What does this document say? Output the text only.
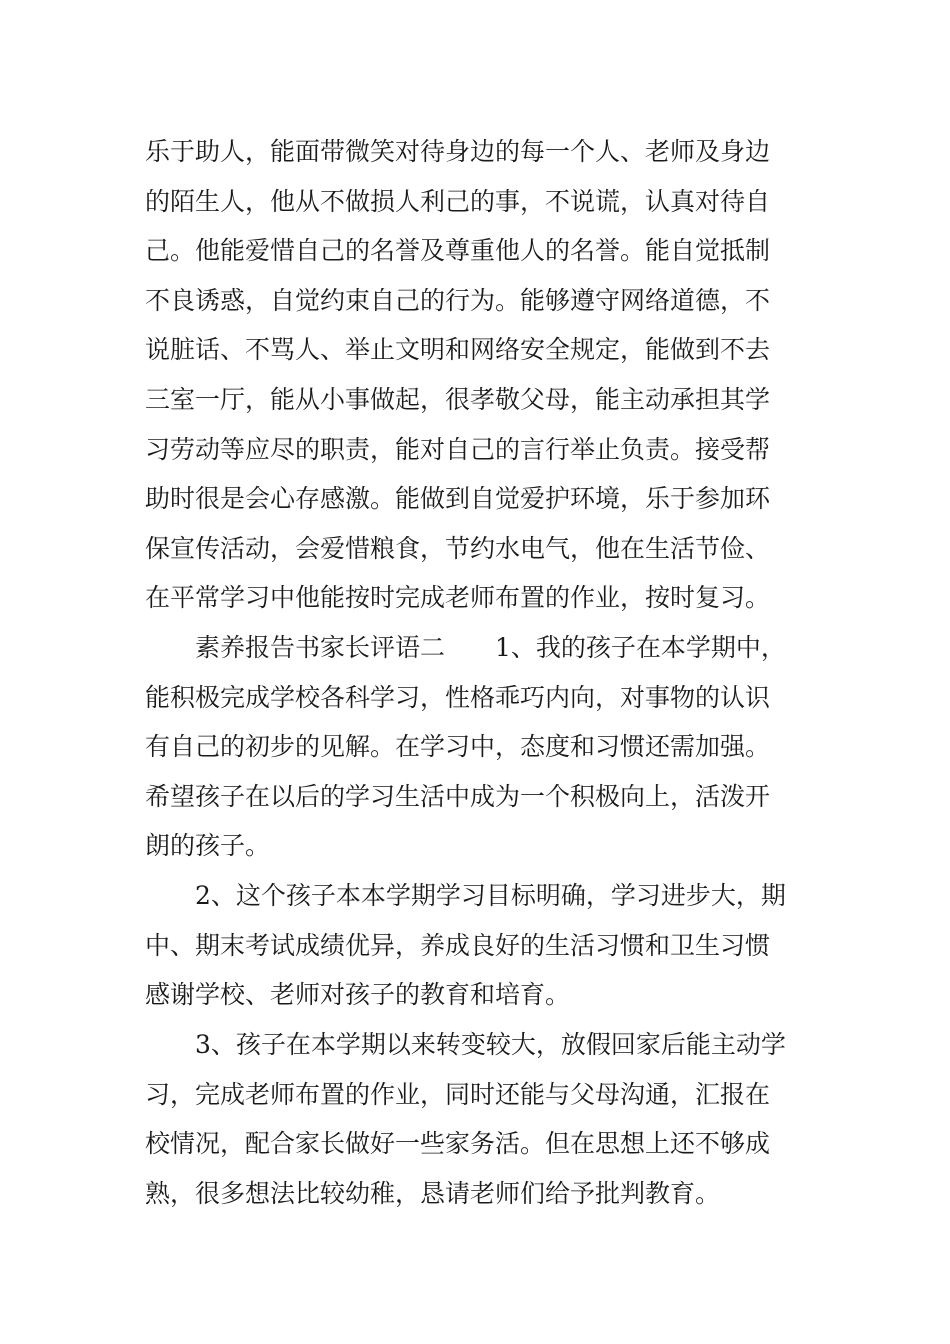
乐于助人，能面带微笑对待身边的每一个人、老师及身边
的陌生人，他从不做损人利己的事，不说谎，认真对待自
己。他能爱惜自己的名誉及尊重他人的名誉。能自觉抵制
不良诱惑，自觉约束自己的行为。能够遵守网络道德，不
说脏话、不骂人、举止文明和网络安全规定，能做到不去
三室一厅，能从小事做起，很孝敬父母，能主动承担其学
习劳动等应尽的职责，能对自己的言行举止负责。接受帮
助时很是会心存感激。能做到自觉爱护环境，乐于参加环
保宣传活动，会爱惜粮食，节约水电气，他在生活节俭、
在平常学习中他能按时完成老师布置的作业，按时复习。
　　素养报告书家长评语二　　1、我的孩子在本学期中，
能积极完成学校各科学习，性格乖巧内向，对事物的认识
有自己的初步的见解。在学习中，态度和习惯还需加强。
希望孩子在以后的学习生活中成为一个积极向上，活泼开
朗的孩子。
　　2、这个孩子本本学期学习目标明确，学习进步大，期
中、期末考试成绩优异，养成良好的生活习惯和卫生习惯
感谢学校、老师对孩子的教育和培育。
　　3、孩子在本学期以来转变较大，放假回家后能主动学
习，完成老师布置的作业，同时还能与父母沟通，汇报在
校情况，配合家长做好一些家务活。但在思想上还不够成
熟，很多想法比较幼稚，恳请老师们给予批判教育。
